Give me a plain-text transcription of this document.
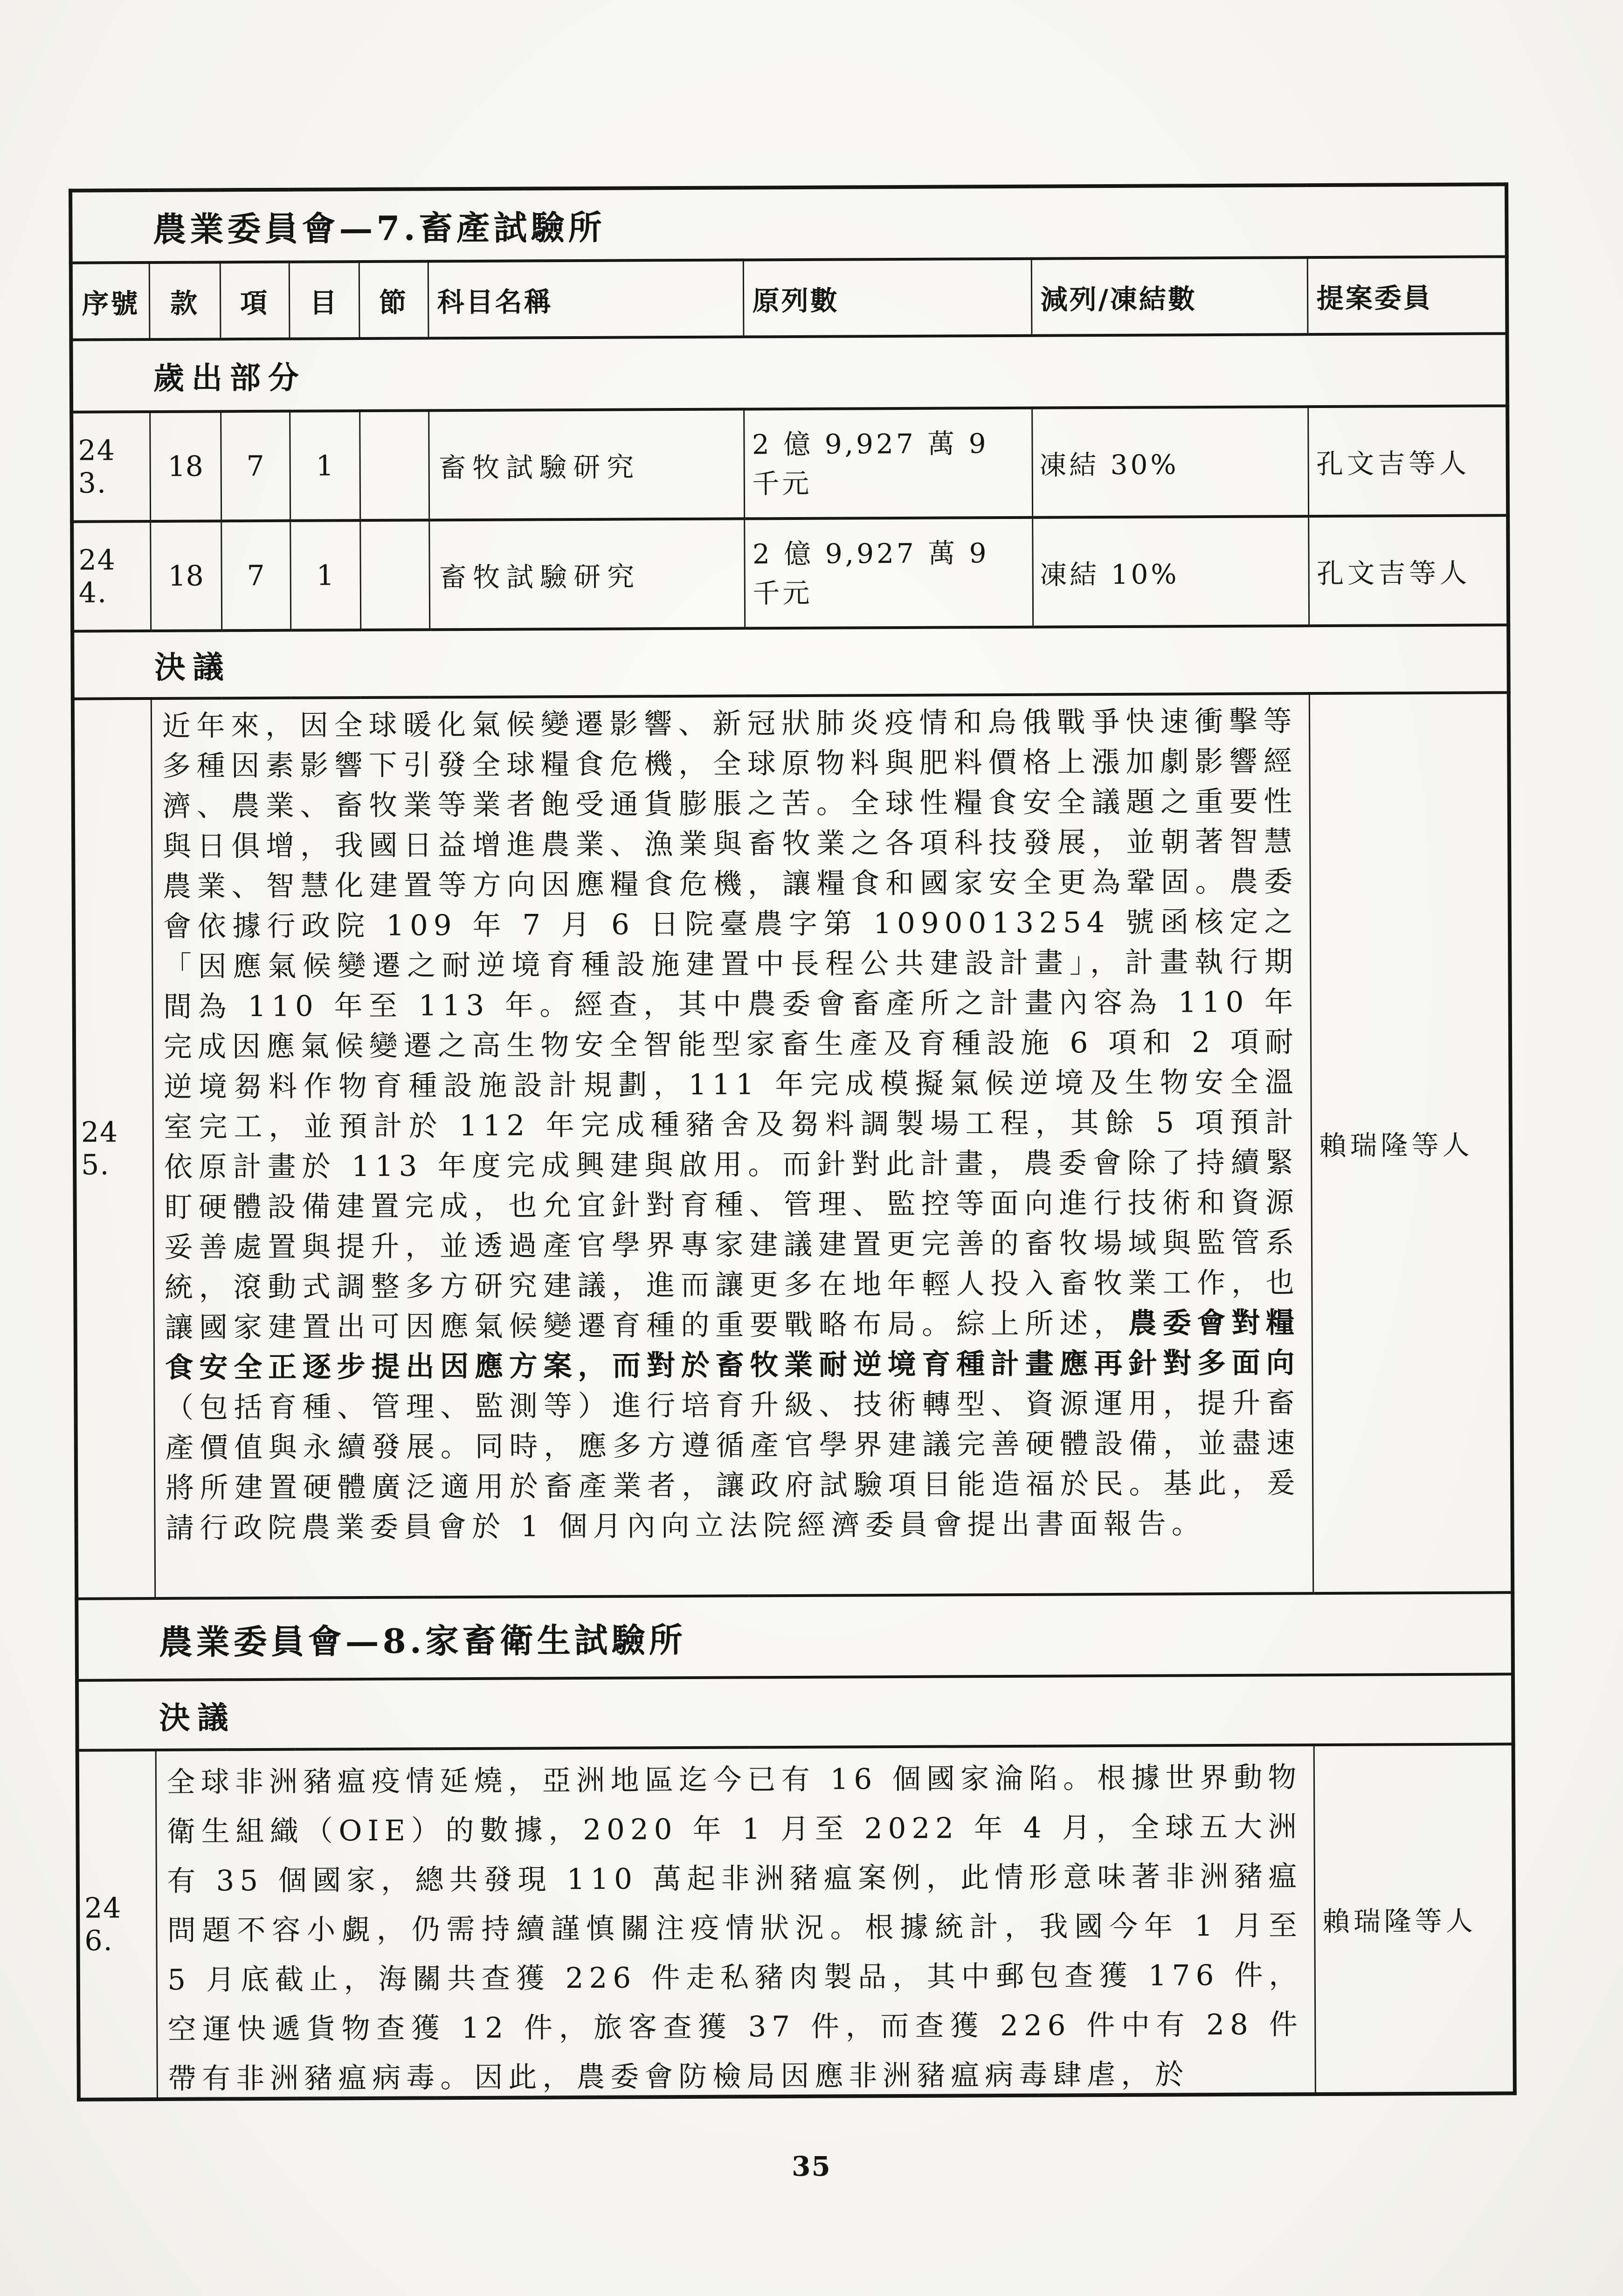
農業委員會—7.畜產試驗所								
序號	款	項	目	節	科目名稱	原列數	減列/凍結數	提案委員
歲出部分								
243.	18	7	1		畜牧試驗研究	2 億 9,927 萬 9 千元	凍結 30%	孔文吉等人
244.	18	7	1		畜牧試驗研究	2 億 9,927 萬 9 千元	凍結 10%	孔文吉等人
決議								
245.	近年來，因全球暖化氣候變遷影響、新冠狀肺炎疫情和烏俄戰爭快速衝擊等多種因素影響下引發全球糧食危機，全球原物料與肥料價格上漲加劇影響經濟、農業、畜牧業等業者飽受通貨膨脹之苦。全球性糧食安全議題之重要性與日俱增，我國日益增進農業、漁業與畜牧業之各項科技發展，並朝著智慧農業、智慧化建置等方向因應糧食危機，讓糧食和國家安全更為鞏固。農委會依據行政院 109 年 7 月 6 日院臺農字第 1090013254 號函核定之「因應氣候變遷之耐逆境育種設施建置中長程公共建設計畫」，計畫執行期間為 110 年至 113 年。經查，其中農委會畜產所之計畫內容為 110 年完成因應氣候變遷之高生物安全智能型家畜生產及育種設施 6 項和 2 項耐逆境芻料作物育種設施設計規劃，111 年完成模擬氣候逆境及生物安全溫室完工，並預計於 112 年完成種豬舍及芻料調製場工程，其餘 5 項預計依原計畫於 113 年度完成興建與啟用。而針對此計畫，農委會除了持續緊盯硬體設備建置完成，也允宜針對育種、管理、監控等面向進行技術和資源妥善處置與提升，並透過產官學界專家建議建置更完善的畜牧場域與監管系統，滾動式調整多方研究建議，進而讓更多在地年輕人投入畜牧業工作，也讓國家建置出可因應氣候變遷育種的重要戰略布局。綜上所述，農委會對糧食安全正逐步提出因應方案，而對於畜牧業耐逆境育種計畫應再針對多面向（包括育種、管理、監測等）進行培育升級、技術轉型、資源運用，提升畜產價值與永續發展。同時，應多方遵循產官學界建議完善硬體設備，並盡速將所建置硬體廣泛適用於畜產業者，讓政府試驗項目能造福於民。基此，爰請行政院農業委員會於 1 個月內向立法院經濟委員會提出書面報告。							賴瑞隆等人
農業委員會—8.家畜衛生試驗所								
決議								
246.	全球非洲豬瘟疫情延燒，亞洲地區迄今已有 16 個國家淪陷。根據世界動物衛生組織（OIE）的數據，2020 年 1 月至 2022 年 4 月，全球五大洲有 35 個國家，總共發現 110 萬起非洲豬瘟案例，此情形意味著非洲豬瘟問題不容小覷，仍需持續謹慎關注疫情狀況。根據統計，我國今年 1 月至 5 月底截止，海關共查獲 226 件走私豬肉製品，其中郵包查獲 176 件，空運快遞貨物查獲 12 件，旅客查獲 37 件，而查獲 226 件中有 28 件帶有非洲豬瘟病毒。因此，農委會防檢局因應非洲豬瘟病毒肆虐，於							賴瑞隆等人
35
